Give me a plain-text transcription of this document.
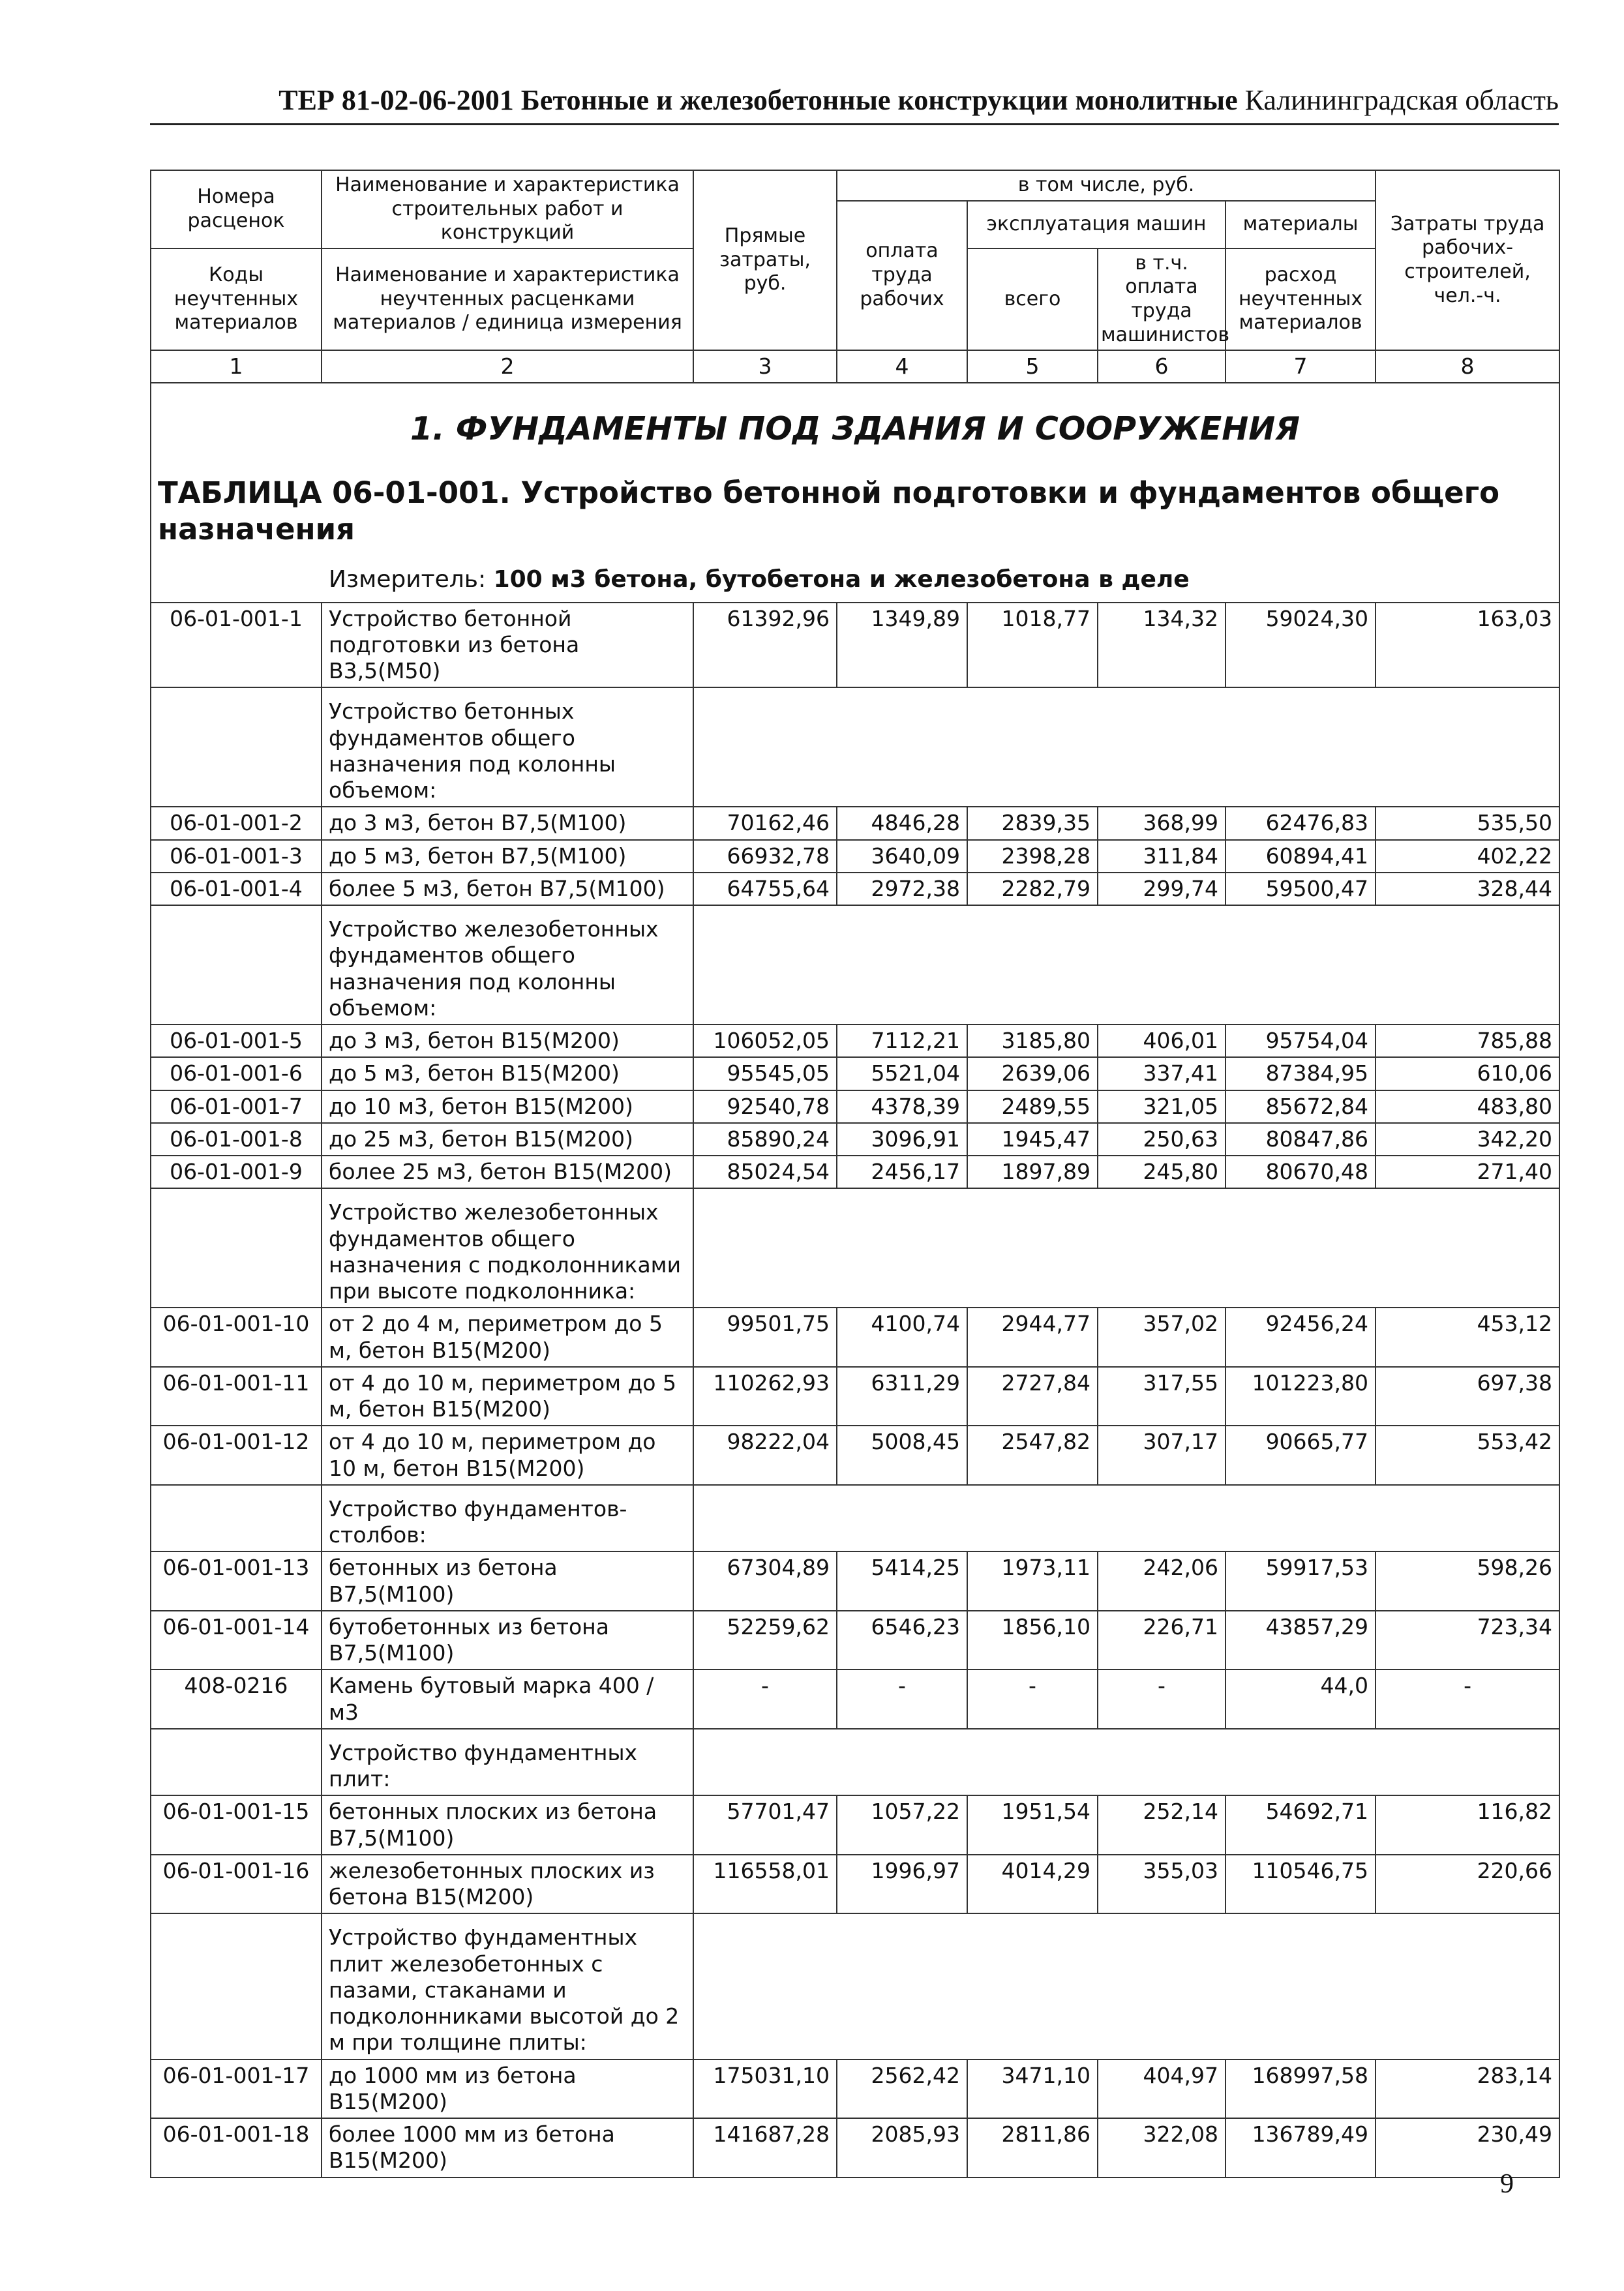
ТЕР 81-02-06-2001 Бетонные и железобетонные конструкции монолитные Калининградская область
Номера расценок	Наименование и характеристика строительных работ и конструкций	Прямые затраты, руб.	в том числе, руб.				Затраты труда рабочих-строителей, чел.-ч.
			оплата труда рабочих	эксплуатация машин		материалы	
Коды неучтенных материалов	Наименование и характеристика неучтенных расценками материалов / единица измерения			всего	в т.ч. оплата труда машинистов	расход неучтенных материалов	

1	2	3	4	5	6	7	8

1. ФУНДАМЕНТЫ ПОД ЗДАНИЯ И СООРУЖЕНИЯ
ТАБЛИЦА 06-01-001. Устройство бетонной подготовки и фундаментов общего назначения
Измеритель: 100 м3 бетона, бутобетона и железобетона в деле							

06-01-001-1	Устройство бетонной подготовки из бетона В3,5(М50)	61392,96	1349,89	1018,77	134,32	59024,30	163,03
	Устройство бетонных фундаментов общего назначения под колонны объемом:						
06-01-001-2	до 3 м3, бетон В7,5(М100)	70162,46	4846,28	2839,35	368,99	62476,83	535,50
06-01-001-3	до 5 м3, бетон В7,5(М100)	66932,78	3640,09	2398,28	311,84	60894,41	402,22
06-01-001-4	более 5 м3, бетон В7,5(М100)	64755,64	2972,38	2282,79	299,74	59500,47	328,44
	Устройство железобетонных фундаментов общего назначения под колонны объемом:						
06-01-001-5	до 3 м3, бетон В15(М200)	106052,05	7112,21	3185,80	406,01	95754,04	785,88
06-01-001-6	до 5 м3, бетон В15(М200)	95545,05	5521,04	2639,06	337,41	87384,95	610,06
06-01-001-7	до 10 м3, бетон В15(М200)	92540,78	4378,39	2489,55	321,05	85672,84	483,80
06-01-001-8	до 25 м3, бетон В15(М200)	85890,24	3096,91	1945,47	250,63	80847,86	342,20
06-01-001-9	более 25 м3, бетон В15(М200)	85024,54	2456,17	1897,89	245,80	80670,48	271,40
	Устройство железобетонных фундаментов общего назначения с подколонниками при высоте подколонника:						
06-01-001-10	от 2 до 4 м, периметром до 5 м, бетон В15(М200)	99501,75	4100,74	2944,77	357,02	92456,24	453,12
06-01-001-11	от 4 до 10 м, периметром до 5 м, бетон В15(М200)	110262,93	6311,29	2727,84	317,55	101223,80	697,38
06-01-001-12	от 4 до 10 м, периметром до 10 м, бетон В15(М200)	98222,04	5008,45	2547,82	307,17	90665,77	553,42
	Устройство фундаментов-столбов:						
06-01-001-13	бетонных из бетона В7,5(М100)	67304,89	5414,25	1973,11	242,06	59917,53	598,26
06-01-001-14	бутобетонных из бетона В7,5(М100)	52259,62	6546,23	1856,10	226,71	43857,29	723,34
408-0216	Камень бутовый марка 400 / м3	-	-	-	-	44,0	-
	Устройство фундаментных плит:						
06-01-001-15	бетонных плоских из бетона В7,5(М100)	57701,47	1057,22	1951,54	252,14	54692,71	116,82
06-01-001-16	железобетонных плоских из бетона В15(М200)	116558,01	1996,97	4014,29	355,03	110546,75	220,66
	Устройство фундаментных плит железобетонных с пазами, стаканами и подколонниками высотой до 2 м при толщине плиты:						
06-01-001-17	до 1000 мм из бетона В15(М200)	175031,10	2562,42	3471,10	404,97	168997,58	283,14
06-01-001-18	более 1000 мм из бетона В15(М200)	141687,28	2085,93	2811,86	322,08	136789,49	230,49
9
